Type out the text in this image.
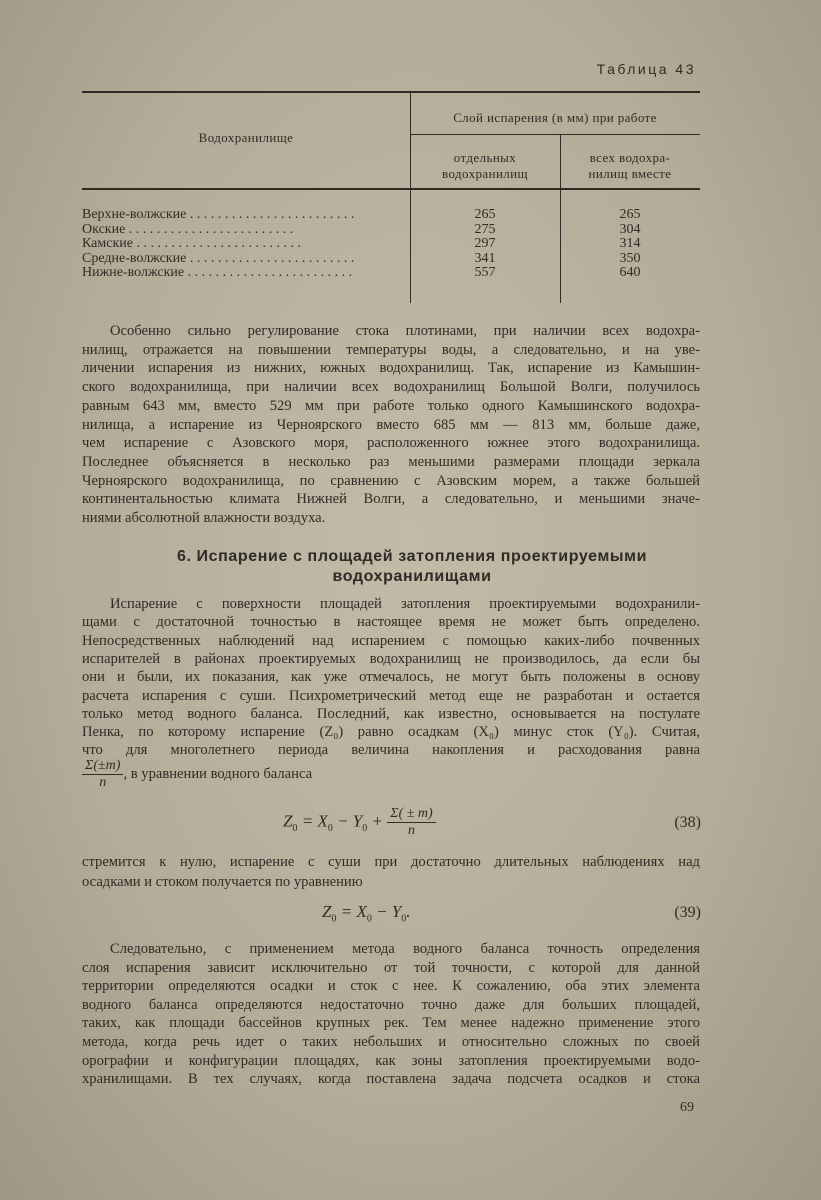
Таблица 43
Водохранилище
Слой испарения (в мм) при работе
отдельных
водохранилищ
всех водохра-
нилищ вместе
Верхне-волжские . . . . . . . . . . . . . . . . . . . . . . . .	265	265
Окские . . . . . . . . . . . . . . . . . . . . . . . .	275	304
Камские . . . . . . . . . . . . . . . . . . . . . . . .	297	314
Средне-волжские . . . . . . . . . . . . . . . . . . . . . . . .	341	350
Нижне-волжские . . . . . . . . . . . . . . . . . . . . . . . .	557	640
Особенно сильно регулирование стока плотинами, при наличии всех водохра-
нилищ, отражается на повышении температуры воды, а следовательно, и на уве-
личении испарения из нижних, южных водохранилищ. Так, испарение из Камышин-
ского водохранилища, при наличии всех водохранилищ Большой Волги, получилось
равным 643 мм, вместо 529 мм при работе только одного Камышинского водохра-
нилища, а испарение из Черноярского вместо 685 мм — 813 мм, больше даже,
чем испарение с Азовского моря, расположенного южнее этого водохранилища.
Последнее объясняется в несколько раз меньшими размерами площади зеркала
Черноярского водохранилища, по сравнению с Азовским морем, а также большей
континентальностью климата Нижней Волги, а следовательно, и меньшими значе-
ниями абсолютной влажности воздуха.
6. Испарение с площадей затопления проектируемыми
водохранилищами
Испарение с поверхности площадей затопления проектируемыми водохранили-
щами с достаточной точностью в настоящее время не может быть определено.
Непосредственных наблюдений над испарением с помощью каких-либо почвенных
испарителей в районах проектируемых водохранилищ не производилось, да если бы
они и были, их показания, как уже отмечалось, не могут быть положены в основу
расчета испарения с суши. Психрометрический метод еще не разработан и остается
только метод водного баланса. Последний, как известно, основывается на постулате
Пенка, по которому испарение (Z₀) равно осадкам (X₀) минус сток (Y₀). Считая,
что для многолетнего периода величина накопления и расходования равна
$\frac{\Sigma(\pm m)}{n}$ , в уравнении водного баланса
$Z_0 = X_0 - Y_0 + \frac{\Sigma( \pm m)}{n}$	(38)
стремится к нулю, испарение с суши при достаточно длительных наблюдениях над
осадками и стоком получается по уравнению
$Z_0 = X_0 - Y_0$.	(39)
Следовательно, с применением метода водного баланса точность определения
слоя испарения зависит исключительно от той точности, с которой для данной
территории определяются осадки и сток с нее. К сожалению, оба этих элемента
водного баланса определяются недостаточно точно даже для больших площадей,
таких, как площади бассейнов крупных рек. Тем менее надежно применение этого
метода, когда речь идет о таких небольших и относительно сложных по своей
орографии и конфигурации площадях, как зоны затопления проектируемыми водо-
хранилищами. В тех случаях, когда поставлена задача подсчета осадков и стока
69
